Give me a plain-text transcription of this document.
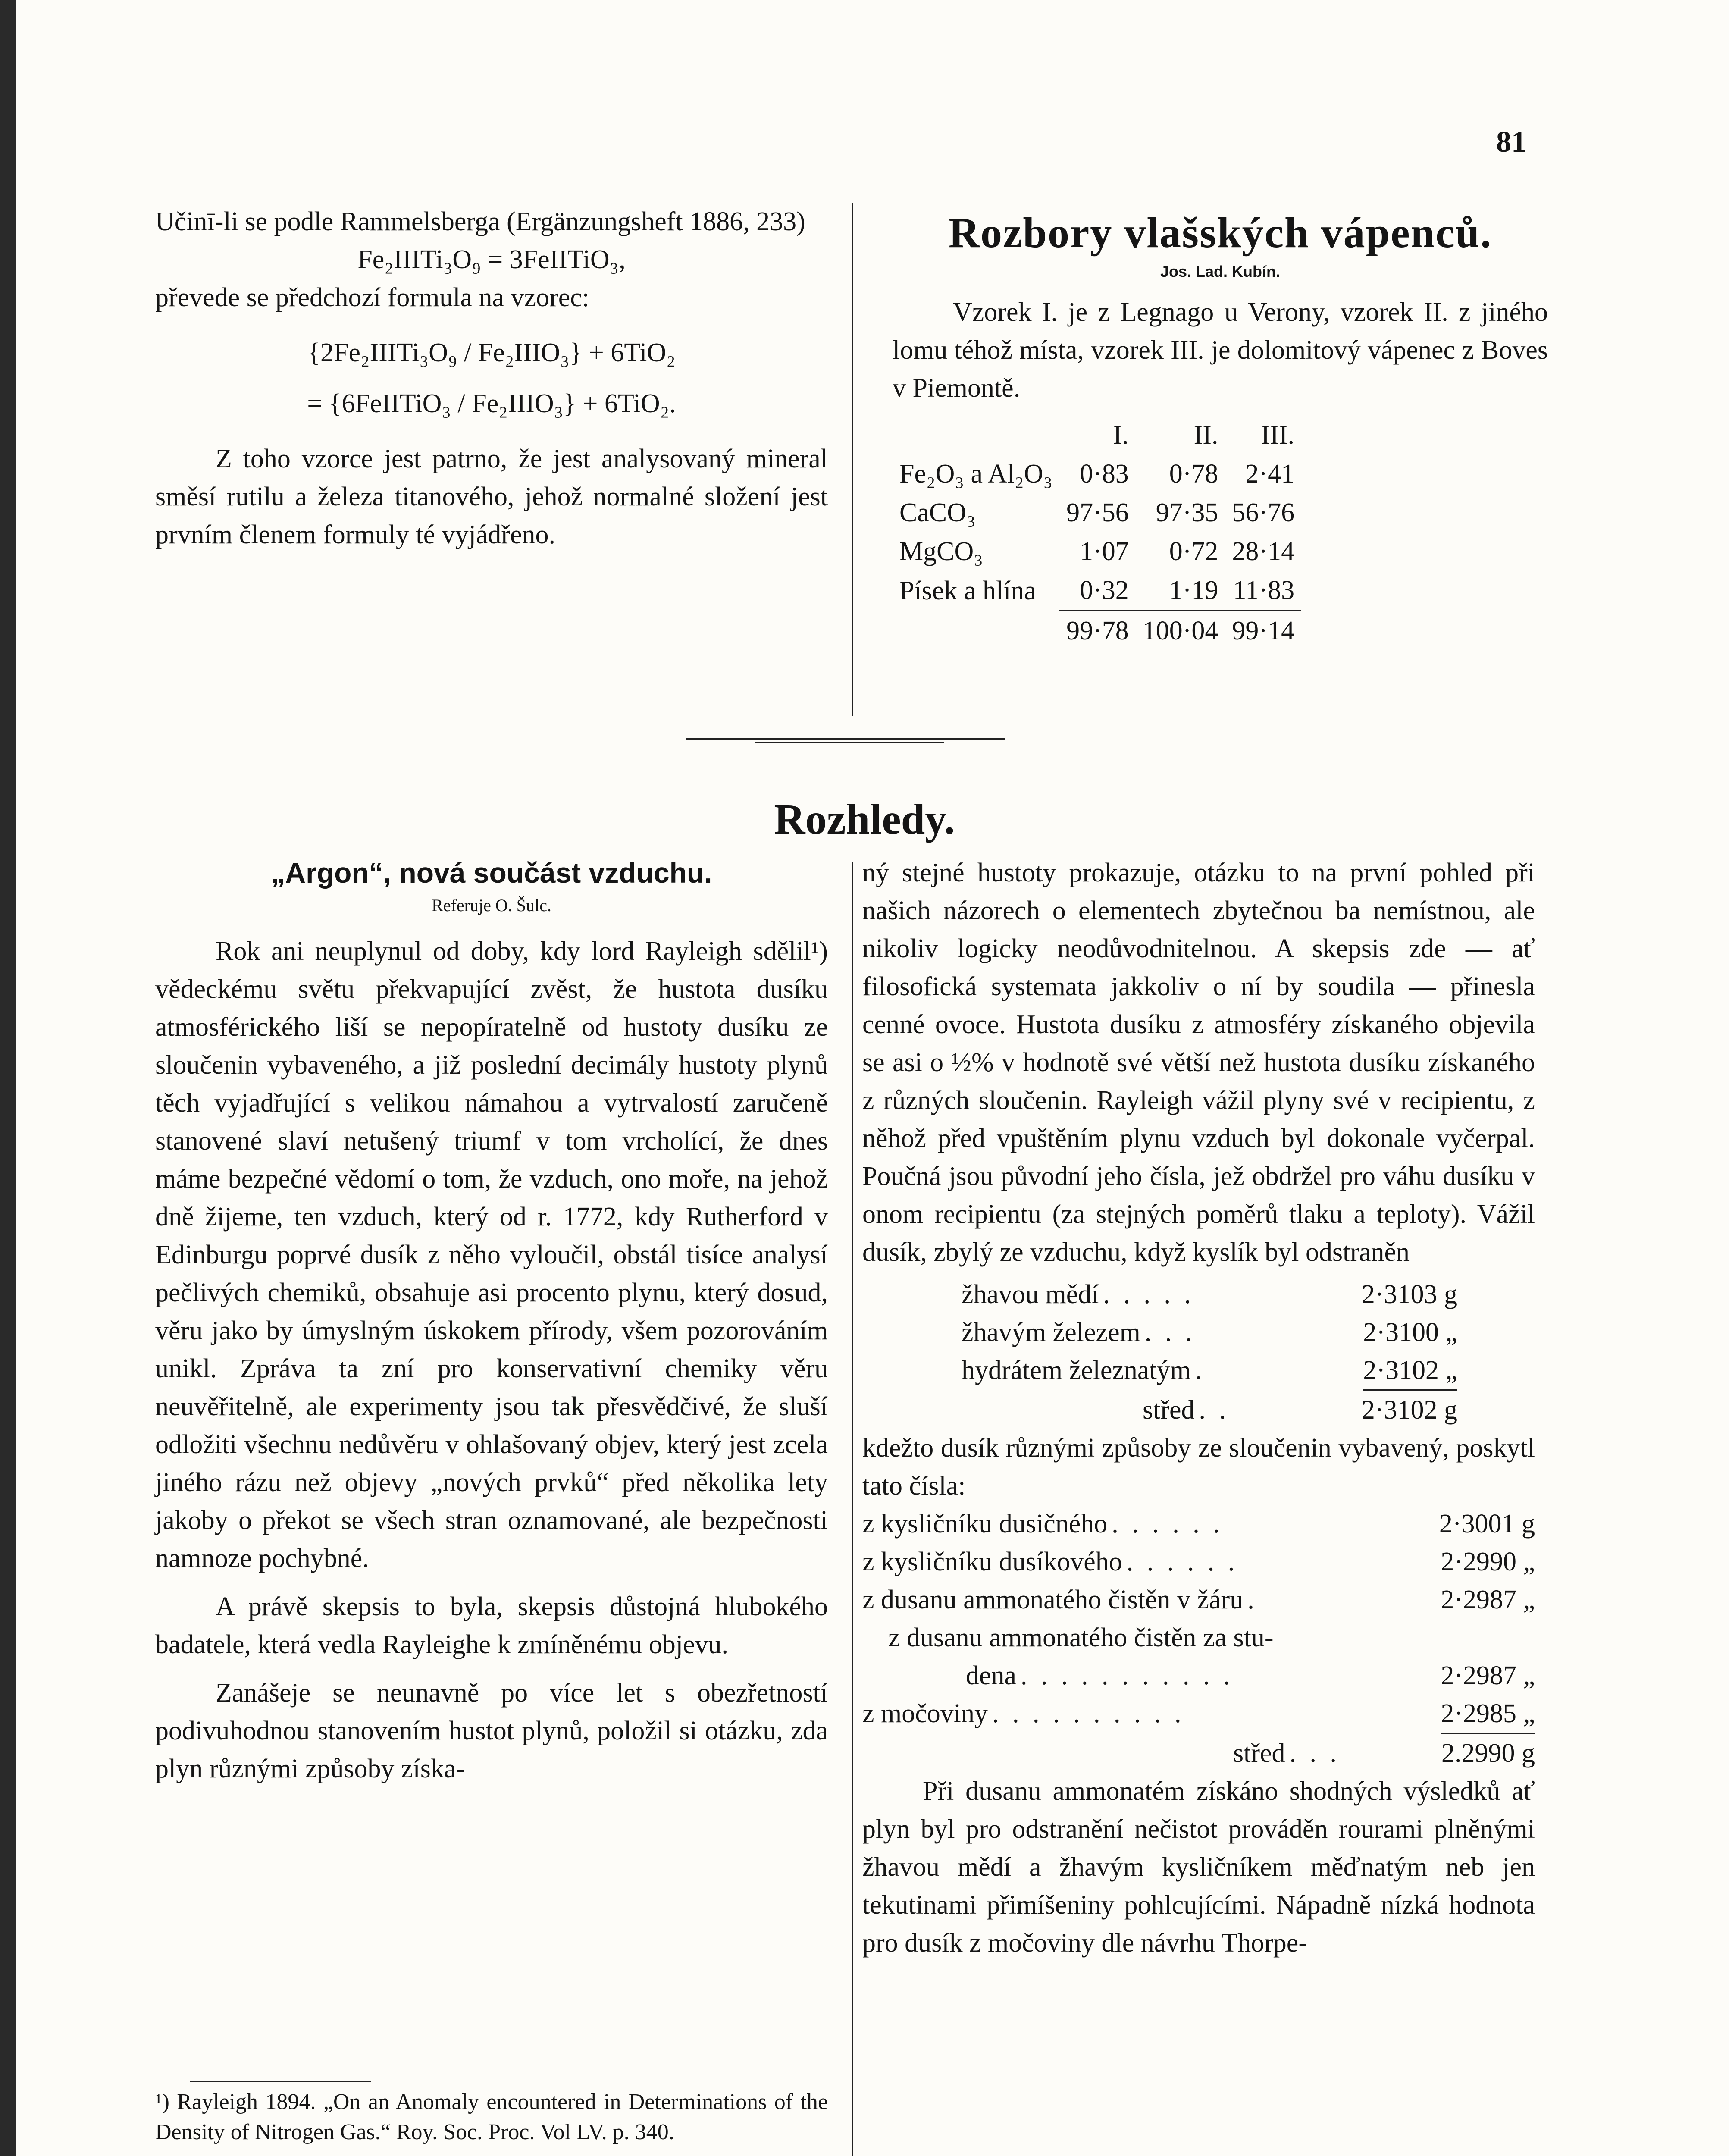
81

Učinī-li se podle Rammelsberga (Ergänzungsheft 1886, 233)

Fe₂IIITi₃O₉ = 3FeIITiO₃,

převede se předchozí formula na vzorec:

{2Fe₂IIITi₃O₉ / Fe₂IIIO₃} + 6TiO₂

= {6FeIITiO₃ / Fe₂IIIO₃} + 6TiO₂.

Z toho vzorce jest patrno, že jest analysovaný mineral směsí rutilu a železa titanového, jehož normalné složení jest prvním členem formuly té vyjádřeno.

Rozbory vlašských vápenců.

Jos. Lad. Kubín.

Vzorek I. je z Legnago u Verony, vzorek II. z jiného lomu téhož místa, vzorek III. je dolomitový vápenec z Boves v Piemontě.

	I.	II.	III.
Fe₂O₃ a Al₂O₃	0·83	0·78	2·41
CaCO₃	97·56	97·35	56·76
MgCO₃	1·07	0·72	28·14
Písek a hlína	0·32	1·19	11·83
	99·78	100·04	99·14
Rozhledy.

„Argon“, nová součást vzduchu.

Referuje O. Šulc.

Rok ani neuplynul od doby, kdy lord Rayleigh sdělil¹) vědeckému světu překvapující zvěst, že hustota dusíku atmosférického liší se nepopíratelně od hustoty dusíku ze sloučenin vybaveného, a již poslední decimály hustoty plynů těch vyjadřující s velikou námahou a vytrvalostí zaručeně stanovené slaví netušený triumf v tom vrcholící, že dnes máme bezpečné vědomí o tom, že vzduch, ono moře, na jehož dně žijeme, ten vzduch, který od r. 1772, kdy Rutherford v Edinburgu poprvé dusík z něho vyloučil, obstál tisíce analysí pečlivých chemiků, obsahuje asi procento plynu, který dosud, věru jako by úmyslným úskokem přírody, všem pozorováním unikl. Zpráva ta zní pro konservativní chemiky věru neuvěřitelně, ale experimenty jsou tak přesvědčivé, že sluší odložiti všechnu nedůvěru v ohlašovaný objev, který jest zcela jiného rázu než objevy „nových prvků“ před několika lety jakoby o překot se všech stran oznamované, ale bezpečnosti namnoze pochybné.

A právě skepsis to byla, skepsis důstojná hlubokého badatele, která vedla Rayleighe k zmíněnému objevu.

Zanášeje se neunavně po více let s obezřetností podivuhodnou stanovením hustot plynů, položil si otázku, zda plyn různými způsoby získa-

ný stejné hustoty prokazuje, otázku to na první pohled při našich názorech o elementech zbytečnou ba nemístnou, ale nikoliv logicky neodůvodnitelnou. A skepsis zde — ať filosofická systemata jakkoliv o ní by soudila — přinesla cenné ovoce. Hustota dusíku z atmosféry získaného objevila se asi o ½% v hodnotě své větší než hustota dusíku získaného z různých sloučenin. Rayleigh vážil plyny své v recipientu, z něhož před vpuštěním plynu vzduch byl dokonale vyčerpal. Poučná jsou původní jeho čísla, jež obdržel pro váhu dusíku v onom recipientu (za stejných poměrů tlaku a teploty). Vážil dusík, zbylý ze vzduchu, když kyslík byl odstraněn

žhavou mědí . . . . .	2·3103 g
žhavým železem . . .	2·3100 „
hydrátem železnatým .	2·3102 „
střed . .	2·3102 g

kdežto dusík různými způsoby ze sloučenin vybavený, poskytl tato čísla:

z kysličníku dusičného . . . . . .	2·3001 g
z kysličníku dusíkového . . . . . .	2·2990 „
z dusanu ammonatého čistěn v žáru .	2·2987 „
z dusanu ammonatého čistěn za stu-
dena . . . . . . . . . . .	2·2987 „
z močoviny . . . . . . . . . .	2·2985 „
střed . . .	2.2990 g

Při dusanu ammonatém získáno shodných výsledků ať plyn byl pro odstranění nečistot prováděn rourami plněnými žhavou mědí a žhavým kysličníkem měďnatým neb jen tekutinami přimíšeniny pohlcujícími. Nápadně nízká hodnota pro dusík z močoviny dle návrhu Thorpe-

¹) Rayleigh 1894. „On an Anomaly encountered in Determinations of the Density of Nitrogen Gas.“ Roy. Soc. Proc. Vol LV. p. 340.
